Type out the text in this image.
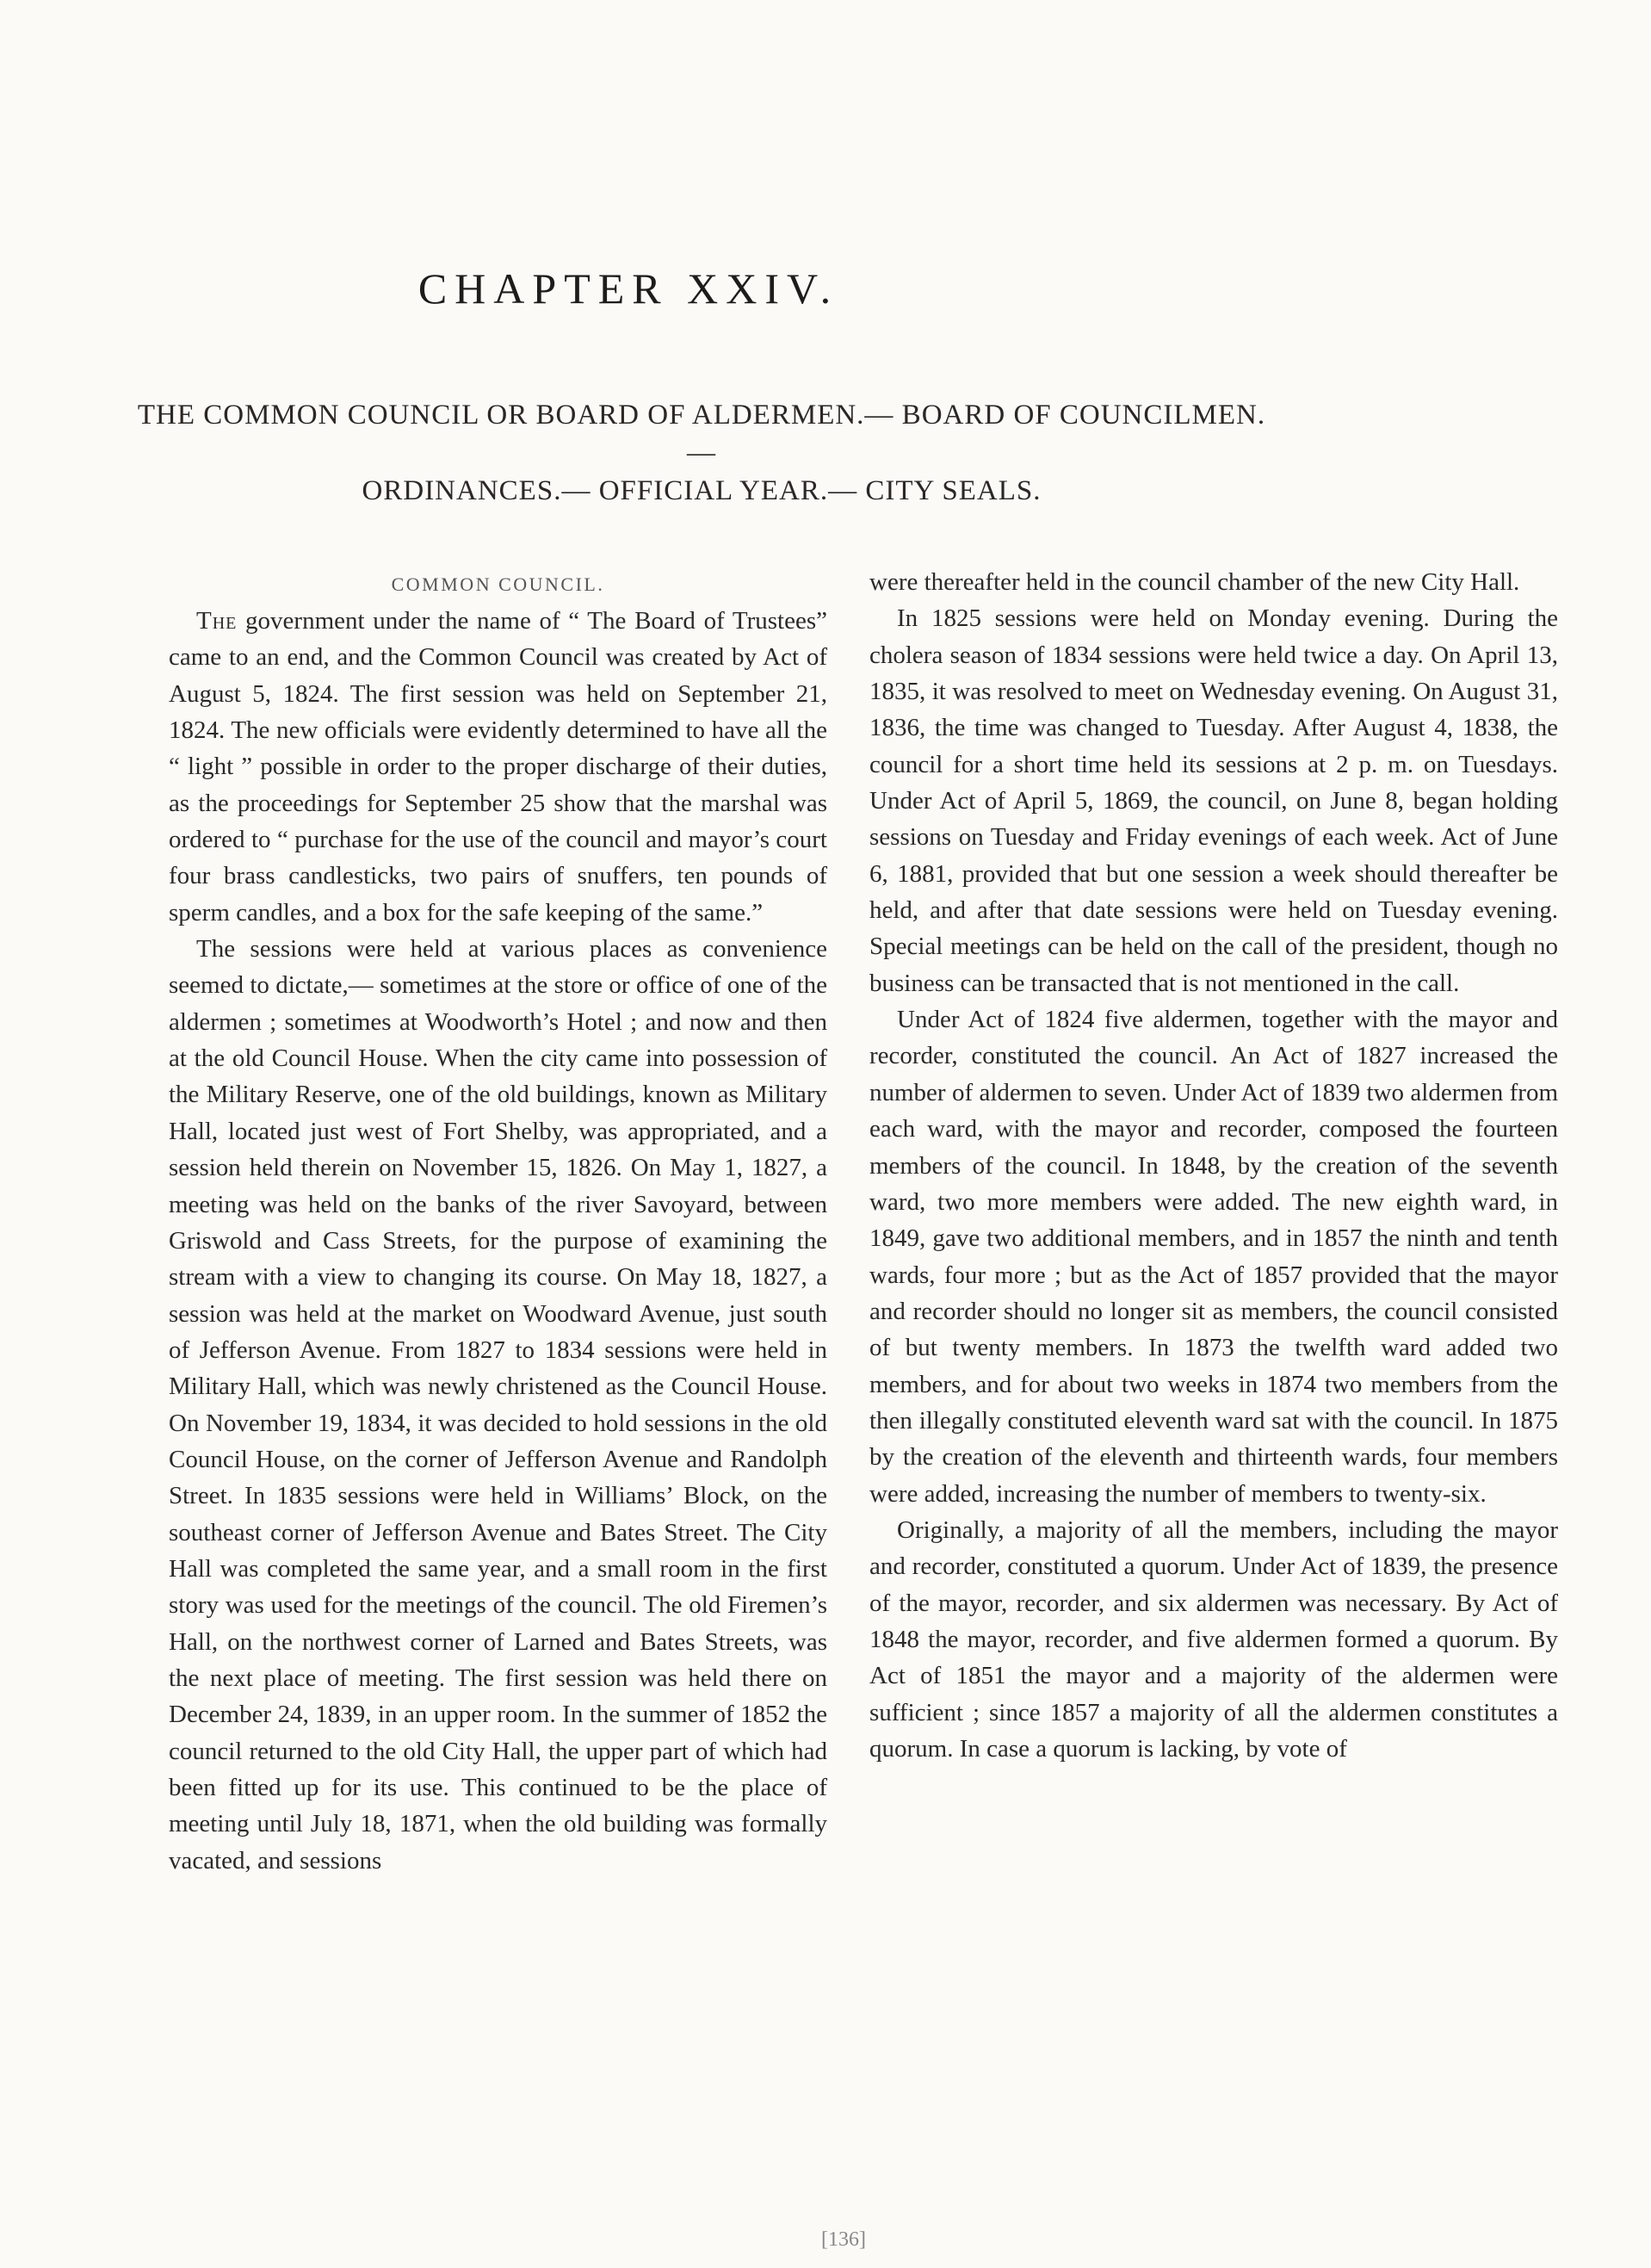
CHAPTER XXIV.
THE COMMON COUNCIL OR BOARD OF ALDERMEN.— BOARD OF COUNCILMEN.—
ORDINANCES.— OFFICIAL YEAR.— CITY SEALS.
COMMON COUNCIL.

The government under the name of “ The Board of Trustees” came to an end, and the Common Council was created by Act of August 5, 1824. The first session was held on September 21, 1824. The new officials were evidently determined to have all the “ light ” possible in order to the proper discharge of their duties, as the proceedings for September 25 show that the marshal was ordered to “ purchase for the use of the council and mayor’s court four brass candlesticks, two pairs of snuffers, ten pounds of sperm candles, and a box for the safe keeping of the same.”

The sessions were held at various places as convenience seemed to dictate,— sometimes at the store or office of one of the aldermen ; sometimes at Woodworth’s Hotel ; and now and then at the old Council House. When the city came into possession of the Military Reserve, one of the old buildings, known as Military Hall, located just west of Fort Shelby, was appropriated, and a session held therein on November 15, 1826. On May 1, 1827, a meeting was held on the banks of the river Savoyard, between Griswold and Cass Streets, for the purpose of examining the stream with a view to changing its course. On May 18, 1827, a session was held at the market on Woodward Avenue, just south of Jefferson Avenue. From 1827 to 1834 sessions were held in Military Hall, which was newly christened as the Council House. On November 19, 1834, it was decided to hold sessions in the old Council House, on the corner of Jefferson Avenue and Randolph Street. In 1835 sessions were held in Williams’ Block, on the southeast corner of Jefferson Avenue and Bates Street. The City Hall was completed the same year, and a small room in the first story was used for the meetings of the council. The old Firemen’s Hall, on the northwest corner of Larned and Bates Streets, was the next place of meeting. The first session was held there on December 24, 1839, in an upper room. In the summer of 1852 the council returned to the old City Hall, the upper part of which had been fitted up for its use. This continued to be the place of meeting until July 18, 1871, when the old building was formally vacated, and sessions

were thereafter held in the council chamber of the new City Hall.

In 1825 sessions were held on Monday evening. During the cholera season of 1834 sessions were held twice a day. On April 13, 1835, it was resolved to meet on Wednesday evening. On August 31, 1836, the time was changed to Tuesday. After August 4, 1838, the council for a short time held its sessions at 2 p. m. on Tuesdays. Under Act of April 5, 1869, the council, on June 8, began holding sessions on Tuesday and Friday evenings of each week. Act of June 6, 1881, provided that but one session a week should thereafter be held, and after that date sessions were held on Tuesday evening. Special meetings can be held on the call of the president, though no business can be transacted that is not mentioned in the call.

Under Act of 1824 five aldermen, together with the mayor and recorder, constituted the council. An Act of 1827 increased the number of aldermen to seven. Under Act of 1839 two aldermen from each ward, with the mayor and recorder, composed the fourteen members of the council. In 1848, by the creation of the seventh ward, two more members were added. The new eighth ward, in 1849, gave two additional members, and in 1857 the ninth and tenth wards, four more ; but as the Act of 1857 provided that the mayor and recorder should no longer sit as members, the council consisted of but twenty members. In 1873 the twelfth ward added two members, and for about two weeks in 1874 two members from the then illegally constituted eleventh ward sat with the council. In 1875 by the creation of the eleventh and thirteenth wards, four members were added, increasing the number of members to twenty-six.

Originally, a majority of all the members, including the mayor and recorder, constituted a quorum. Under Act of 1839, the presence of the mayor, recorder, and six aldermen was necessary. By Act of 1848 the mayor, recorder, and five aldermen formed a quorum. By Act of 1851 the mayor and a majority of the aldermen were sufficient ; since 1857 a majority of all the aldermen constitutes a quorum. In case a quorum is lacking, by vote of

[136]
